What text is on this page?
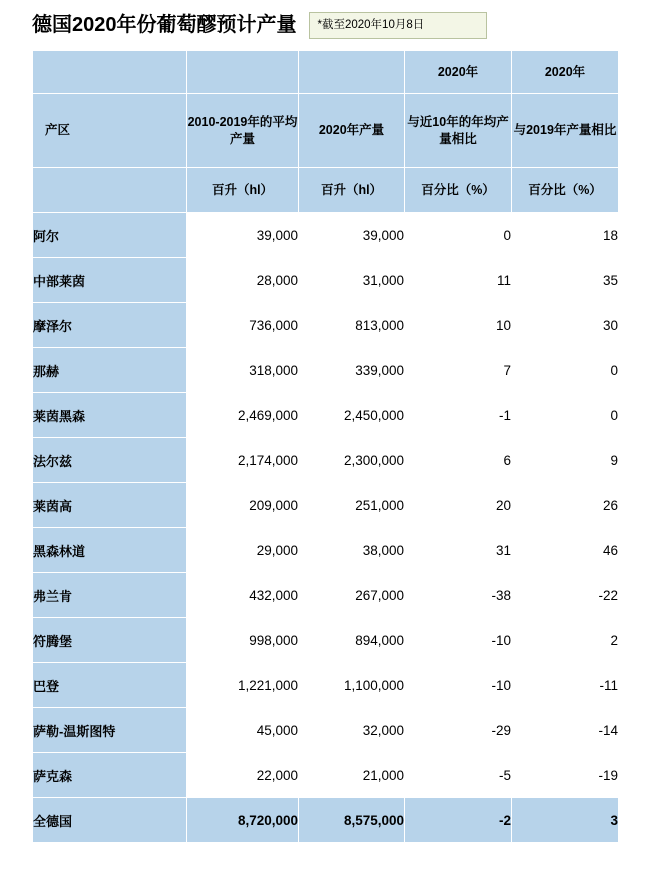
德国2020年份葡萄醪预计产量	*截至2020年10月8日
			2020年	2020年
产区	2010-2019年的平均产量	2020年产量	与近10年的年均产量相比	与2019年产量相比
	百升（hl）	百升（hl）	百分比（%）	百分比（%）
阿尔	39,000	39,000	0	18
中部莱茵	28,000	31,000	11	35
摩泽尔	736,000	813,000	10	30
那赫	318,000	339,000	7	0
莱茵黑森	2,469,000	2,450,000	-1	0
法尔兹	2,174,000	2,300,000	6	9
莱茵高	209,000	251,000	20	26
黑森林道	29,000	38,000	31	46
弗兰肯	432,000	267,000	-38	-22
符腾堡	998,000	894,000	-10	2
巴登	1,221,000	1,100,000	-10	-11
萨勒-温斯图特	45,000	32,000	-29	-14
萨克森	22,000	21,000	-5	-19
全德国	8,720,000	8,575,000	-2	3
